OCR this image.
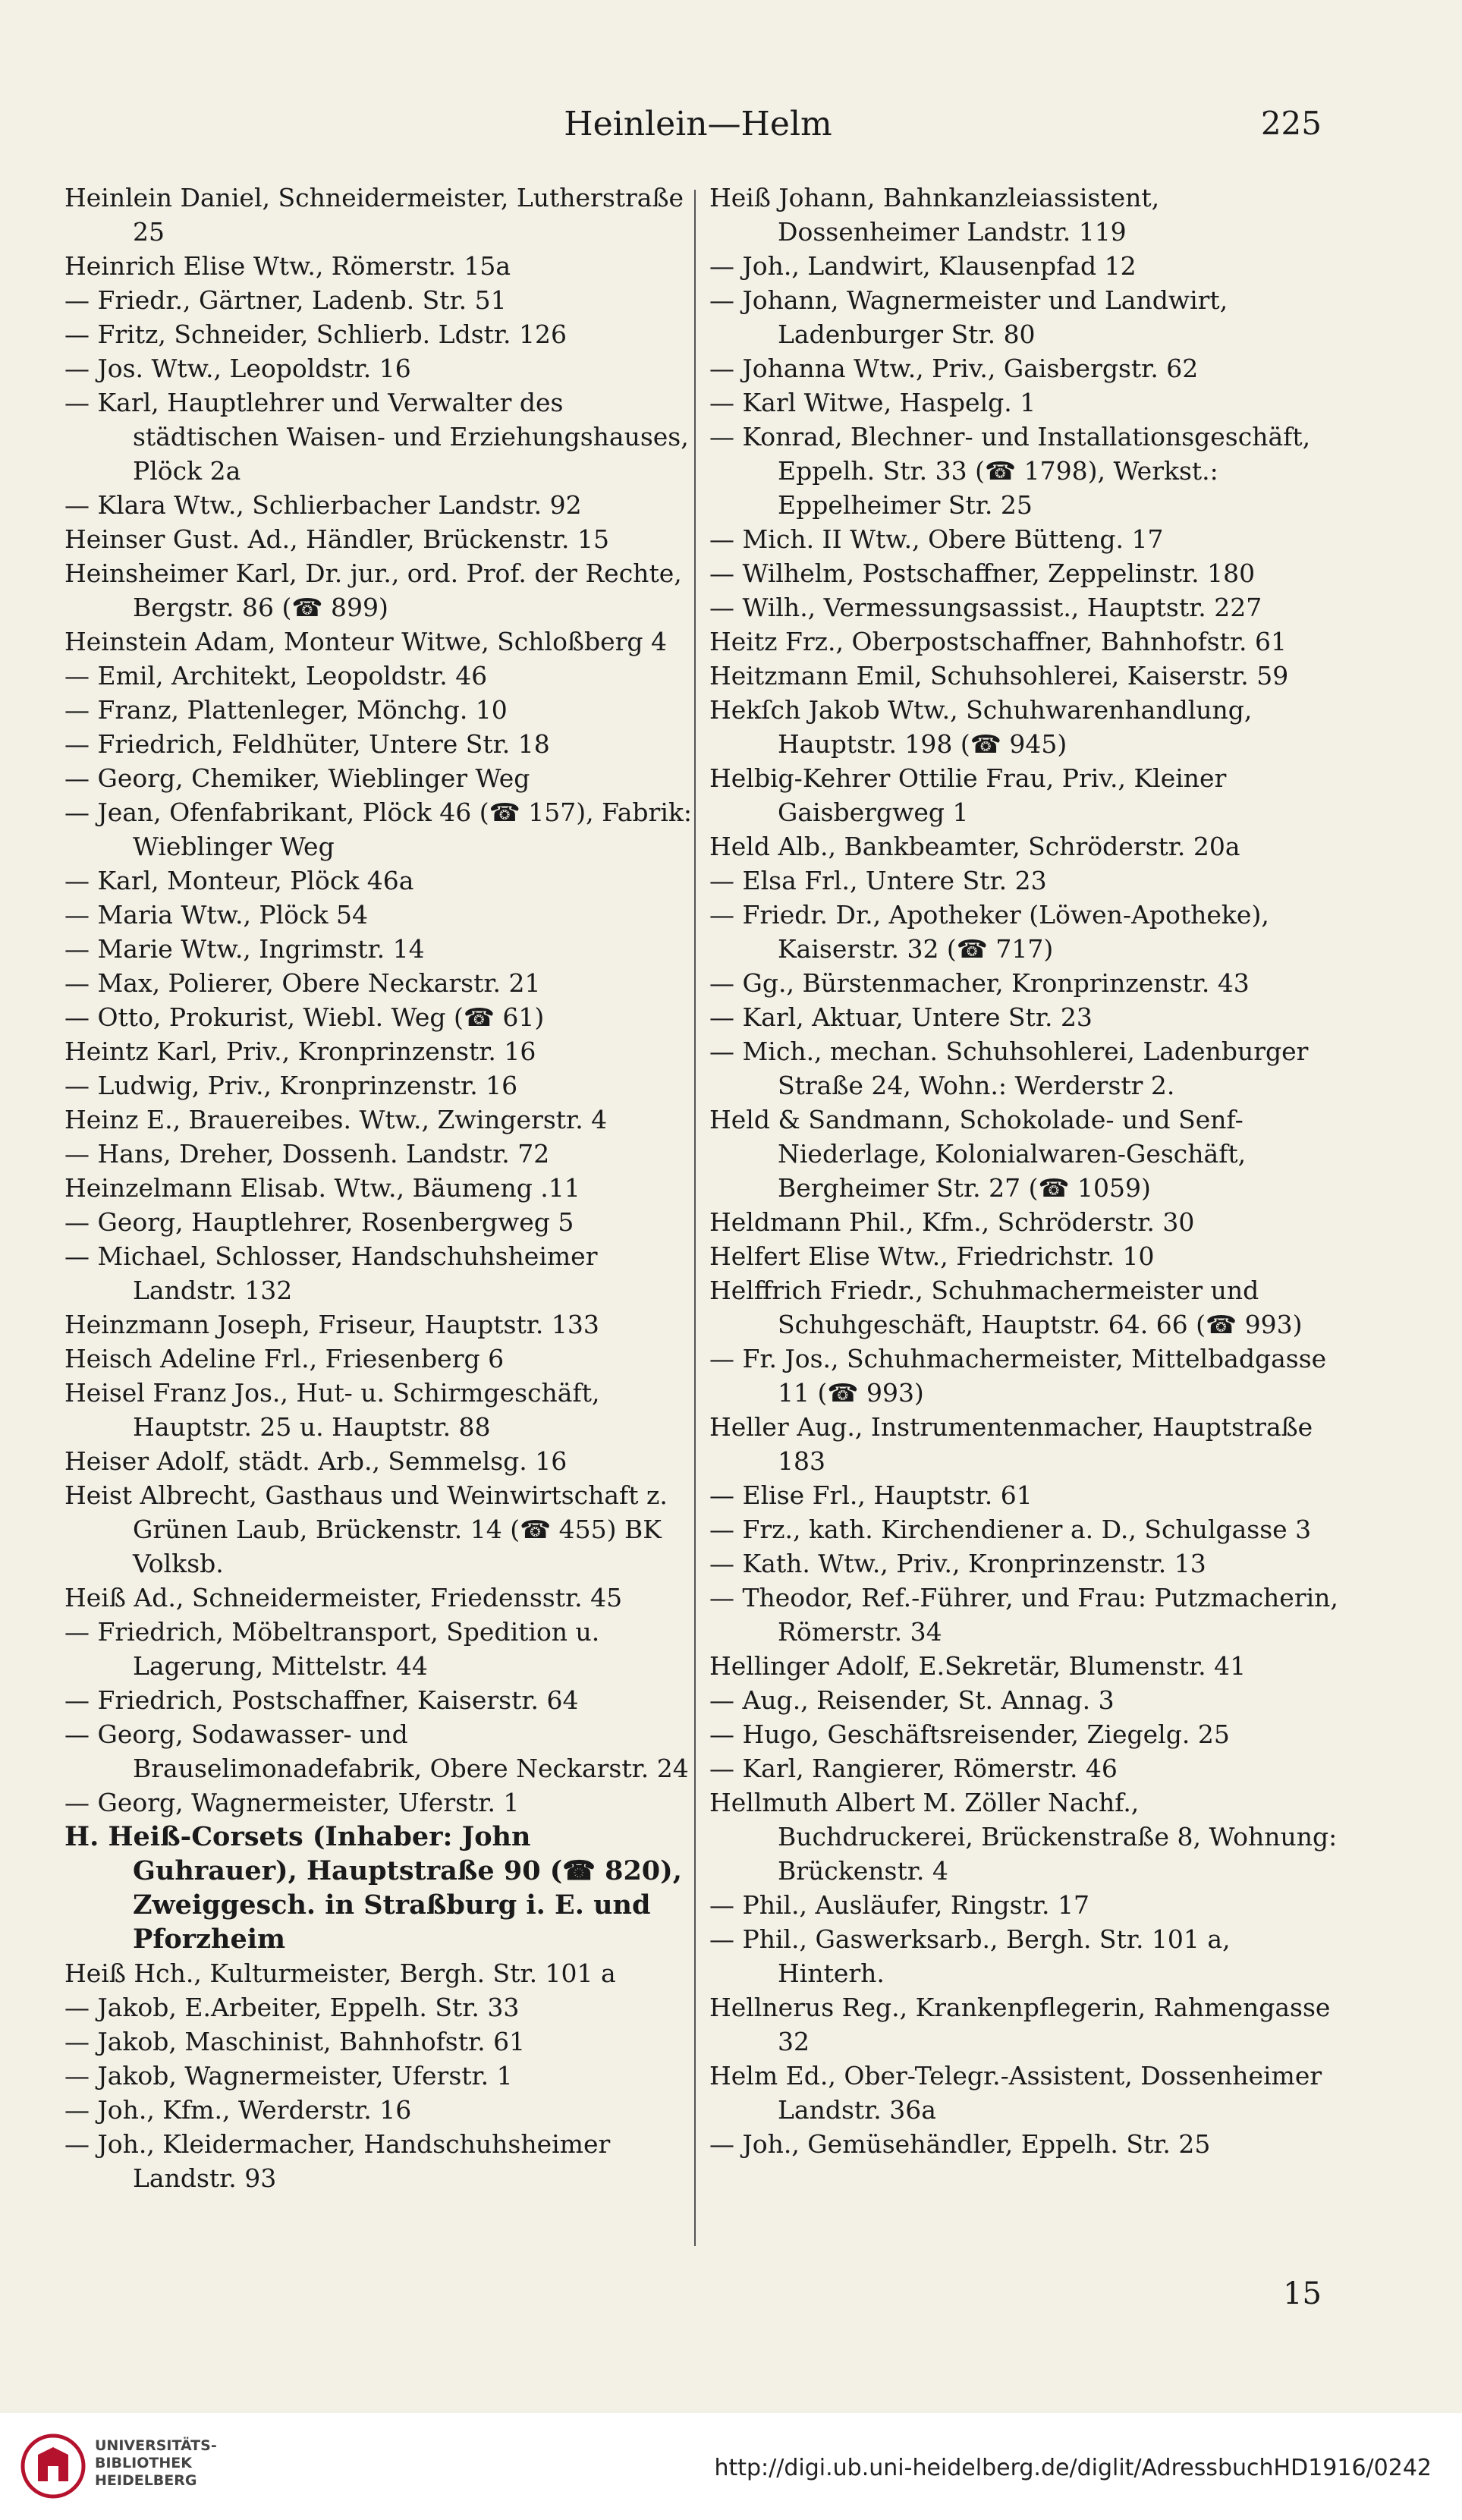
Heinlein—Helm	225

Heinlein Daniel, Schneidermeister, Lutherstraße 25

Heinrich Elise Wtw., Römerstr. 15a

— Friedr., Gärtner, Ladenb. Str. 51

— Fritz, Schneider, Schlierb. Ldstr. 126

— Jos. Wtw., Leopoldstr. 16

— Karl, Hauptlehrer und Verwalter des städtischen Waisen- und Erziehungshauses, Plöck 2a

— Klara Wtw., Schlierbacher Landstr. 92

Heinser Gust. Ad., Händler, Brückenstr. 15

Heinsheimer Karl, Dr. jur., ord. Prof. der Rechte, Bergstr. 86 (☎ 899)

Heinstein Adam, Monteur Witwe, Schloßberg 4

— Emil, Architekt, Leopoldstr. 46

— Franz, Plattenleger, Mönchg. 10

— Friedrich, Feldhüter, Untere Str. 18

— Georg, Chemiker, Wieblinger Weg

— Jean, Ofenfabrikant, Plöck 46 (☎ 157), Fabrik: Wieblinger Weg

— Karl, Monteur, Plöck 46a

— Maria Wtw., Plöck 54

— Marie Wtw., Ingrimstr. 14

— Max, Polierer, Obere Neckarstr. 21

— Otto, Prokurist, Wiebl. Weg (☎ 61)

Heintz Karl, Priv., Kronprinzenstr. 16

— Ludwig, Priv., Kronprinzenstr. 16

Heinz E., Brauereibes. Wtw., Zwingerstr. 4

— Hans, Dreher, Dossenh. Landstr. 72

Heinzelmann Elisab. Wtw., Bäumeng .11

— Georg, Hauptlehrer, Rosenbergweg 5

— Michael, Schlosser, Handschuhsheimer Landstr. 132

Heinzmann Joseph, Friseur, Hauptstr. 133

Heisch Adeline Frl., Friesenberg 6

Heisel Franz Jos., Hut- u. Schirmgeschäft, Hauptstr. 25 u. Hauptstr. 88

Heiser Adolf, städt. Arb., Semmelsg. 16

Heist Albrecht, Gasthaus und Weinwirtschaft z. Grünen Laub, Brückenstr. 14 (☎ 455) BK Volksb.

Heiß Ad., Schneidermeister, Friedensstr. 45

— Friedrich, Möbeltransport, Spedition u. Lagerung, Mittelstr. 44

— Friedrich, Postschaffner, Kaiserstr. 64

— Georg, Sodawasser- und Brauselimonadefabrik, Obere Neckarstr. 24

— Georg, Wagnermeister, Uferstr. 1

H. Heiß-Corsets (Inhaber: John Guhrauer), Hauptstraße 90 (☎ 820), Zweiggesch. in Straßburg i. E. und Pforzheim

Heiß Hch., Kulturmeister, Bergh. Str. 101 a

— Jakob, E.Arbeiter, Eppelh. Str. 33

— Jakob, Maschinist, Bahnhofstr. 61

— Jakob, Wagnermeister, Uferstr. 1

— Joh., Kfm., Werderstr. 16

— Joh., Kleidermacher, Handschuhsheimer Landstr. 93

Heiß Johann, Bahnkanzleiassistent, Dossenheimer Landstr. 119

— Joh., Landwirt, Klausenpfad 12

— Johann, Wagnermeister und Landwirt, Ladenburger Str. 80

— Johanna Wtw., Priv., Gaisbergstr. 62

— Karl Witwe, Haspelg. 1

— Konrad, Blechner- und Installationsgeschäft, Eppelh. Str. 33 (☎ 1798), Werkst.: Eppelheimer Str. 25

— Mich. II Wtw., Obere Bütteng. 17

— Wilhelm, Postschaffner, Zeppelinstr. 180

— Wilh., Vermessungsassist., Hauptstr. 227

Heitz Frz., Oberpostschaffner, Bahnhofstr. 61

Heitzmann Emil, Schuhsohlerei, Kaiserstr. 59

Hekſch Jakob Wtw., Schuhwarenhandlung, Hauptstr. 198 (☎ 945)

Helbig-Kehrer Ottilie Frau, Priv., Kleiner Gaisbergweg 1

Held Alb., Bankbeamter, Schröderstr. 20a

— Elsa Frl., Untere Str. 23

— Friedr. Dr., Apotheker (Löwen-Apotheke), Kaiserstr. 32 (☎ 717)

— Gg., Bürstenmacher, Kronprinzenstr. 43

— Karl, Aktuar, Untere Str. 23

— Mich., mechan. Schuhsohlerei, Ladenburger Straße 24, Wohn.: Werderstr 2.

Held & Sandmann, Schokolade- und Senf-Niederlage, Kolonialwaren-Geschäft, Bergheimer Str. 27 (☎ 1059)

Heldmann Phil., Kfm., Schröderstr. 30

Helfert Elise Wtw., Friedrichstr. 10

Helffrich Friedr., Schuhmachermeister und Schuhgeschäft, Hauptstr. 64. 66 (☎ 993)

— Fr. Jos., Schuhmachermeister, Mittelbadgasse 11 (☎ 993)

Heller Aug., Instrumentenmacher, Hauptstraße 183

— Elise Frl., Hauptstr. 61

— Frz., kath. Kirchendiener a. D., Schulgasse 3

— Kath. Wtw., Priv., Kronprinzenstr. 13

— Theodor, Ref.-Führer, und Frau: Putzmacherin, Römerstr. 34

Hellinger Adolf, E.Sekretär, Blumenstr. 41

— Aug., Reisender, St. Annag. 3

— Hugo, Geschäftsreisender, Ziegelg. 25

— Karl, Rangierer, Römerstr. 46

Hellmuth Albert M. Zöller Nachf., Buchdruckerei, Brückenstraße 8, Wohnung: Brückenstr. 4

— Phil., Ausläufer, Ringstr. 17

— Phil., Gaswerksarb., Bergh. Str. 101 a, Hinterh.

Hellnerus Reg., Krankenpflegerin, Rahmengasse 32

Helm Ed., Ober-Telegr.-Assistent, Dossenheimer Landstr. 36a

— Joh., Gemüsehändler, Eppelh. Str. 25

15
UNIVERSITÄTS-
BIBLIOTHEK
HEIDELBERG	http://digi.ub.uni-heidelberg.de/diglit/AdressbuchHD1916/0242
